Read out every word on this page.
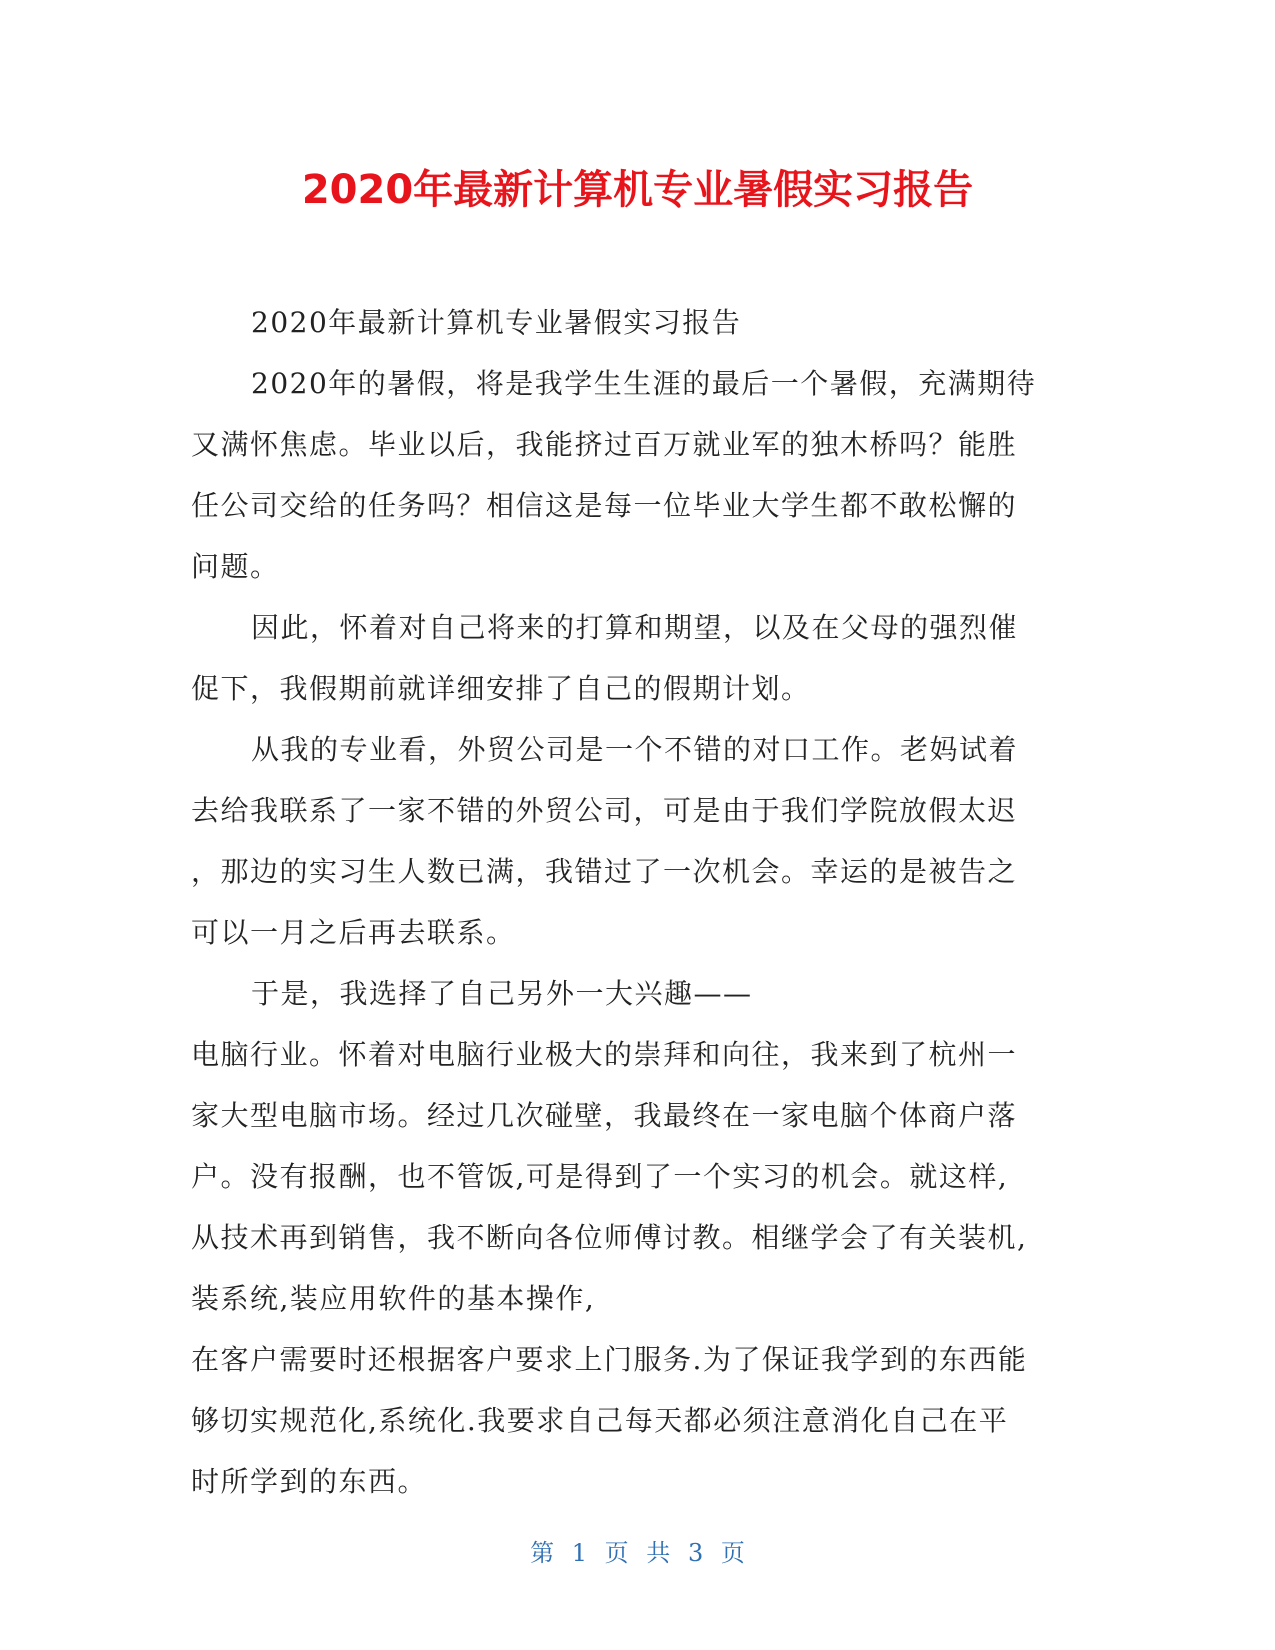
2020年最新计算机专业暑假实习报告
2020年最新计算机专业暑假实习报告
2020年的暑假，将是我学生生涯的最后一个暑假，充满期待
又满怀焦虑。毕业以后，我能挤过百万就业军的独木桥吗？能胜
任公司交给的任务吗？相信这是每一位毕业大学生都不敢松懈的
问题。
因此，怀着对自己将来的打算和期望，以及在父母的强烈催
促下，我假期前就详细安排了自己的假期计划。
从我的专业看，外贸公司是一个不错的对口工作。老妈试着
去给我联系了一家不错的外贸公司，可是由于我们学院放假太迟
，那边的实习生人数已满，我错过了一次机会。幸运的是被告之
可以一月之后再去联系。
于是，我选择了自己另外一大兴趣——
电脑行业。怀着对电脑行业极大的崇拜和向往，我来到了杭州一
家大型电脑市场。经过几次碰壁，我最终在一家电脑个体商户落
户。没有报酬，也不管饭,可是得到了一个实习的机会。就这样,
从技术再到销售，我不断向各位师傅讨教。相继学会了有关装机,
装系统,装应用软件的基本操作,
在客户需要时还根据客户要求上门服务.为了保证我学到的东西能
够切实规范化,系统化.我要求自己每天都必须注意消化自己在平
时所学到的东西。
第 1 页 共 3 页
